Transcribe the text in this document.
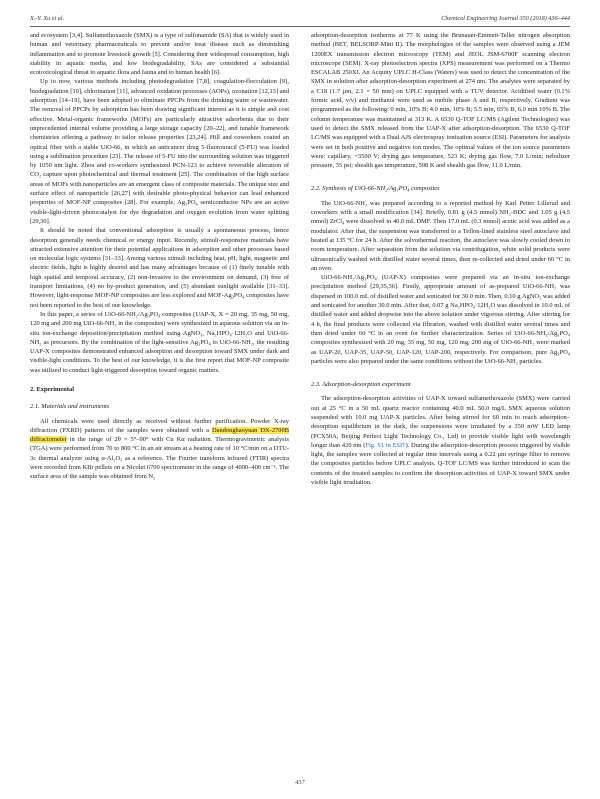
X.-Y. Xu et al.	Chemical Engineering Journal 350 (2018) 436–444

and ecosystem [3,4]. Sulfamethoxazole (SMX) is a type of sulfonamide (SA) that is widely used in human and veterinary pharmaceuticals to prevent and/or treat disease such as diminishing inflammation and to promote livestock growth [5]. Considering their widespread consumption, high stability in aquatic media, and low biodegradability, SAs are considered a substantial ecotoxicological threat to aquatic flora and fauna and to human health [6].

Up to now, various methods including photodegradation [7,8], coagulation-flocculation [9], biodegradation [10], chlorination [11], advanced oxidation processes (AOPs), ozonation [12,13] and adsorption [14–19], have been adopted to eliminate PPCPs from the drinking water or wastewater. The removal of PPCPs by adsorption has been drawing significant interest as it is simple and cost effective. Metal-organic frameworks (MOFs) are particularly attractive adsorbents due to their unprecedented internal volume providing a large storage capacity [20–22], and tunable framework chemistries offering a pathway to tailor release properties [23,24]. Hill and coworkers coated an optical fiber with a stable UiO-66, in which an anticancer drug 5-fluorouracil (5-FU) was loaded using a sublimation procedure [23]. The release of 5-FU into the surrounding solution was triggered by 1050 nm light. Zhou and co-workers synthesized PCN-123 to achieve reversible alteration of CO₂ capture upon photochemical and thermal treatment [25]. The combination of the high surface areas of MOFs with nanoparticles are an emergent class of composite materials. The unique size and surface effect of nanoparticle [26,27] with desirable photo-physical behavior can lead enhanced properties of MOF-NP composites [28]. For example, Ag₃PO₄ semiconductor NPs are an active visible-light-driven photocatalyst for dye degradation and oxygen evolution from water splitting [29,30].

It should be noted that conventional adsorption is usually a spontaneous process, hence desorption generally needs chemical or energy input. Recently, stimuli-responsive materials have attracted extensive attention for their potential applications in adsorption and other processes based on molecular logic systems [31–33]. Among various stimuli including heat, pH, light, magnetic and electric fields, light is highly desired and has many advantages because of (1) finely tunable with high spatial and temporal accuracy, (2) non-invasive to the environment on demand, (3) free of transport limitations, (4) no by-product generation, and (5) abundant sunlight available [31–33]. However, light-response MOF-NP composites are less explored and MOF-Ag₃PO₄ composites have not been reported to the best of our knowledge.

In this paper, a series of UiO-66-NH₂/Ag₃PO₄ composites (UAP-X, X = 20 mg, 35 mg, 50 mg, 120 mg and 200 mg UiO-66-NH₂ in the composites) were synthesized in aqueous solution via an in-situ ion-exchange deposition/precipitation method using AgNO₃, Na₂HPO₄·12H₂O and UiO-66-NH₂ as precursors. By the combination of the light-sensitive Ag₃PO₄ to UiO-66-NH₂, the resulting UAP-X composites demonstrated enhanced adsorption and desorption toward SMX under dark and visible-light conditions. To the best of our knowledge, it is the first report that MOF-NP composite was utilized to conduct light-triggered desorption toward organic matters.

2. Experimental
2.1. Materials and instruments

All chemicals were used directly as received without further purification. Powder X-ray diffraction (PXRD) patterns of the samples were obtained with a Dandonghaoyuan DX-2700B diffractometer in the range of 2θ = 5°–90° with Cu Kα radiation. Thermogravimetric analysis (TGA) were performed from 70 to 800 °C in an air stream at a heating rate of 10 °C/min on a DTU-3c thermal analyzer using α-Al₂O₃ as a reference. The Fourier transform infrared (FTIR) spectra were recorded from KBr pellets on a Nicolet 6700 spectrometer in the range of 4000–400 cm⁻¹. The surface area of the sample was obtained from N₂

adsorption-desorption isotherms at 77 K using the Brunauer-Emmett-Teller nitrogen absorption method (BET, BELSORP-Mini II). The morphologies of the samples were observed using a JEM 1200EX transmission electron microscopy (TEM) and JEOL JSM-6700F scanning electron microscope (SEM). X-ray photoelectron spectra (XPS) measurement was performed on a Thermo ESCALAB 250XI. An Acquity UPLC H-Class (Waters) was used to detect the concentration of the SMX in solution after adsorption-desorption experiment at 274 nm. The analytes were separated by a C18 (1.7 μm, 2.1 × 50 mm) on UPLC equipped with a TUV detector. Acidified water (0.1% formic acid, v/v) and methanol were used as mobile phase A and B, respectively. Gradient was programmed as the following: 0 min, 10% B; 4.0 min, 10% B; 5.5 min, 65% B, 6.0 min 10% B. The column temperature was maintained at 313 K. A 6530 Q-TOF LC/MS (Agilent Technologies) was used to detect the SMX released from the UAP-X after adsorption-desorption. The 6530 Q-TOF LC/MS was equipped with a Dual AJS electrospray ionization source (ESI). Parameters for analysis were set in both positive and negative ion modes. The optimal values of the ion source parameters were: capillary, +3500 V; drying gas temperature, 523 K; drying gas flow, 7.0 L/min; nebulizer pressure, 35 psi; shealth gas temperature, 598 K and shealth gas flow, 11.0 L/min.

2.2. Synthesis of UiO-66-NH₂/Ag₃PO₄ composites

The UiO-66-NH₂ was prepared according to a reported method by Karl Petter Lillerud and coworkers with a small modification [34]. Briefly, 0.81 g (4.5 mmol) NH₂-BDC and 1.05 g (4.5 mmol) ZrCl₄ were dissolved in 40.0 mL DMF. Then 17.0 mL (0.3 mmol) acetic acid was added as a modulator. After that, the suspension was transferred to a Teflon-lined stainless steel autoclave and heated at 135 °C for 24 h. After the solvothermal reaction, the autoclave was slowly cooled down to room temperature. After separation from the solution via centrifugation, white solid products were ultrasonically washed with distilled water several times, then re-collected and dried under 60 °C in an oven.

UiO-66-NH₂/Ag₃PO₄ (UAP-X) composites were prepared via an in-situ ion-exchange precipitation method [29,35,36]. Firstly, appropriate amount of as-prepared UiO-66-NH₂ was dispersed in 100.0 mL of distilled water and sonicated for 30.0 min. Then, 0.10 g AgNO₃ was added and sonicated for another 30.0 min. After that, 0.07 g Na₂HPO₄·12H₂O was dissolved in 10.0 mL of distilled water and added dropwise into the above solution under vigorous stirring. After stirring for 4 h, the final products were collected via filtration, washed with distilled water several times and then dried under 60 °C in an oven for further characterization. Series of UiO-66-NH₂/Ag₃PO₄ composites synthesized with 20 mg, 35 mg, 50 mg, 120 mg, 200 mg of UiO-66-NH₂ were marked as UAP-20, UAP-35, UAP-50, UAP-120, UAP-200, respectively. For comparison, pure Ag₃PO₄ particles were also prepared under the same conditions without the UiO-66-NH₂ particles.

2.3. Adsorption-desorption experiment

The adsorption-desorption activities of UAP-X toward sulfamethoxazole (SMX) were carried out at 25 °C in a 50 mL quartz reactor containing 40.0 mL 50.0 mg/L SMX aqueous solution suspended with 10.0 mg UAP-X particles. After being stirred for 60 min to reach adsorption–desorption equilibrium in the dark, the suspensions were irradiated by a 350 mW LED lamp (PCX50A, Beijing Perfect Light Technology Co., Ltd) to provide visible light with wavelength longer than 420 nm (Fig. S1 in ESI†). During the adsorption-desorption process triggered by visible light, the samples were collected at regular time intervals using a 0.22 μm syringe filter to remove the composites particles before UPLC analysis. Q-TOF LC/MS was further introduced to scan the contents of the treated samples to confirm the desorption activities of UAP-X toward SMX under visible light irradiation.

437
